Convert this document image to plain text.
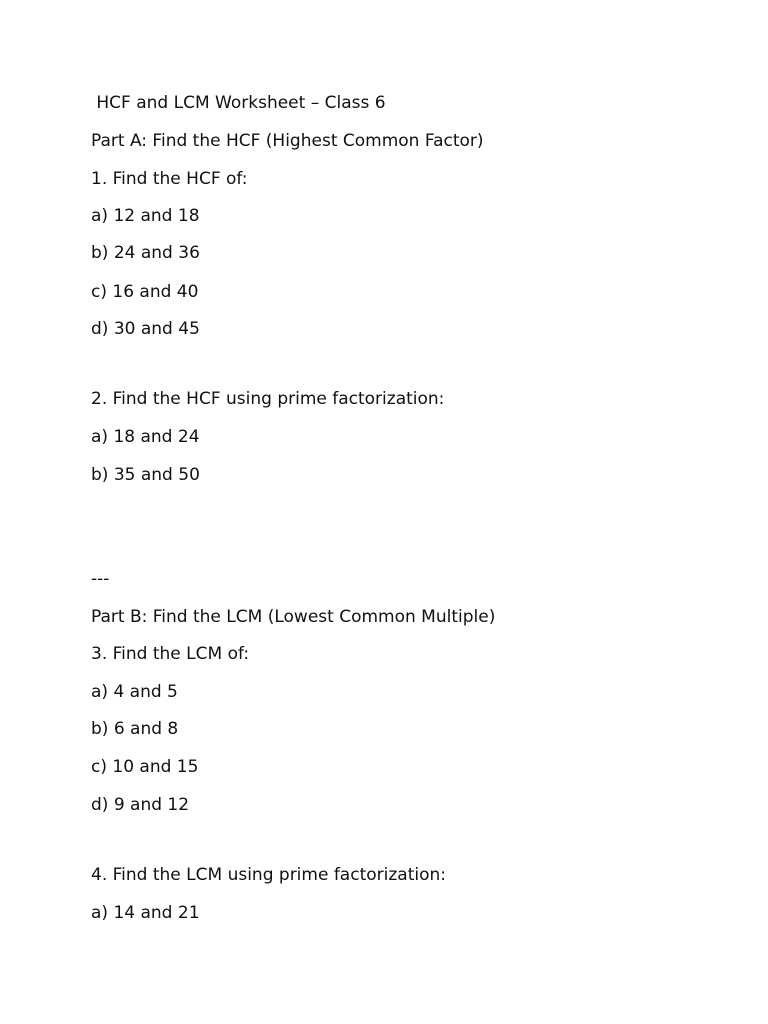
HCF and LCM Worksheet – Class 6
Part A: Find the HCF (Highest Common Factor)
1. Find the HCF of:
a) 12 and 18
b) 24 and 36
c) 16 and 40
d) 30 and 45
2. Find the HCF using prime factorization:
a) 18 and 24
b) 35 and 50
---
Part B: Find the LCM (Lowest Common Multiple)
3. Find the LCM of:
a) 4 and 5
b) 6 and 8
c) 10 and 15
d) 9 and 12
4. Find the LCM using prime factorization:
a) 14 and 21
